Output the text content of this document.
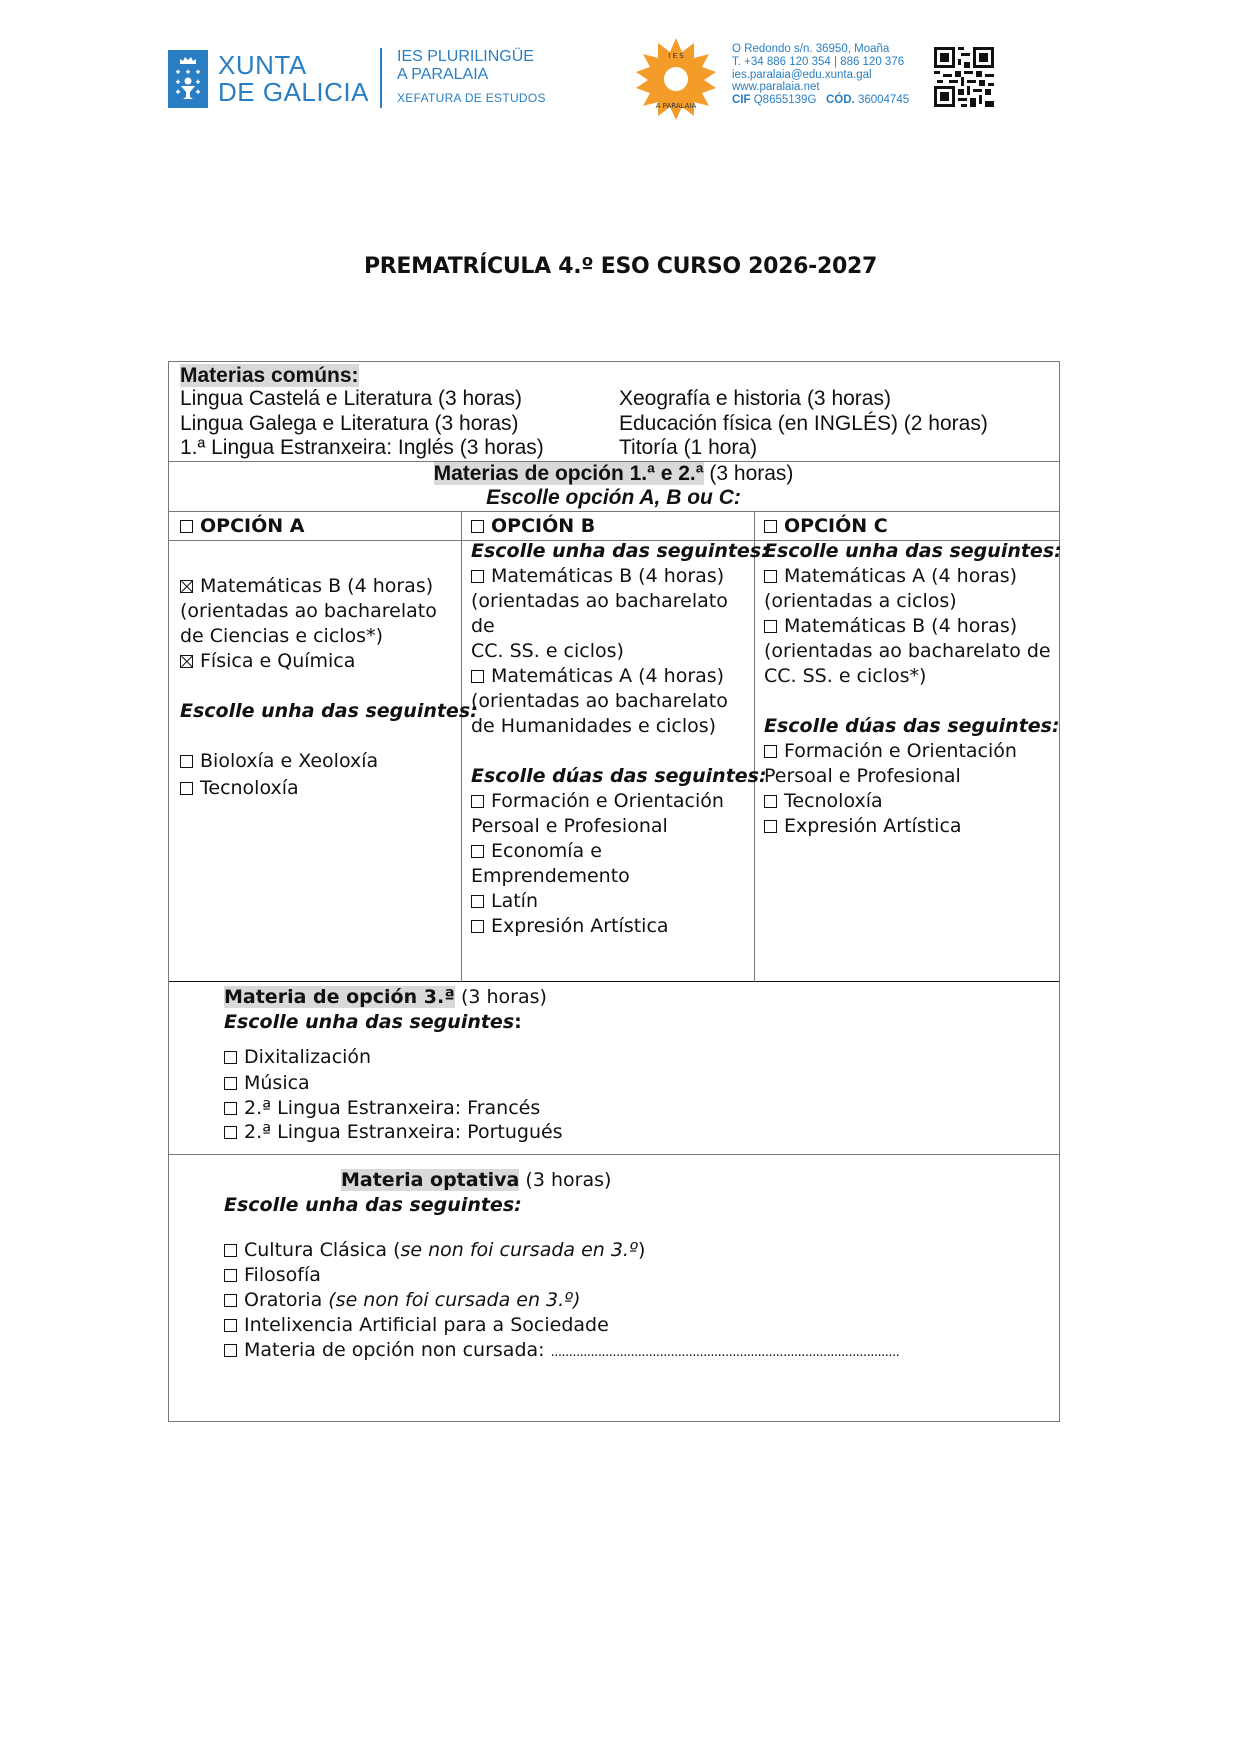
XUNTA
DE GALICIA
IES PLURILINGÜE
A PARALAIA
XEFATURA DE ESTUDOS
I E S
A PARALAIA
O Redondo s/n. 36950, Moaña
T. +34 886 120 354 | 886 120 376
ies.paralaia@edu.xunta.gal
www.paralaia.net
CIF Q8655139G CÓD. 36004745
PREMATRÍCULA 4.º ESO CURSO 2026-2027
Materias comúns:
Lingua Castelá e Literatura (3 horas)
Lingua Galega e Literatura (3 horas)
1.ª Lingua Estranxeira: Inglés (3 horas)
Xeografía e historia (3 horas)
Educación física (en INGLÉS) (2 horas)
Titoría (1 hora)
Materias de opción 1.ª e 2.ª (3 horas)
Escolle opción A, B ou C:
OPCIÓN A	OPCIÓN B	OPCIÓN C
Matemáticas B (4 horas)
(orientadas ao bacharelato
de Ciencias e ciclos*)
Física e Química
Escolle unha das seguintes:
Bioloxía e Xeoloxía
Tecnoloxía
Escolle unha das seguintes:
Matemáticas B (4 horas)
(orientadas ao bacharelato
de
CC. SS. e ciclos)
Matemáticas A (4 horas)
(orientadas ao bacharelato
de Humanidades e ciclos)
Escolle dúas das seguintes:
Formación e Orientación
Persoal e Profesional
Economía e
Emprendemento
Latín
Expresión Artística
Escolle unha das seguintes:
Matemáticas A (4 horas)
(orientadas a ciclos)
Matemáticas B (4 horas)
(orientadas ao bacharelato de
CC. SS. e ciclos*)
Escolle dúas das seguintes:
Formación e Orientación
Persoal e Profesional
Tecnoloxía
Expresión Artística
Materia de opción 3.ª (3 horas)
Escolle unha das seguintes:
Dixitalización
Música
2.ª Lingua Estranxeira: Francés
2.ª Lingua Estranxeira: Portugués
Materia optativa (3 horas)
Escolle unha das seguintes:
Cultura Clásica (se non foi cursada en 3.º)
Filosofía
Oratoria (se non foi cursada en 3.º)
Intelixencia Artificial para a Sociedade
Materia de opción non cursada: ................................................................................................
